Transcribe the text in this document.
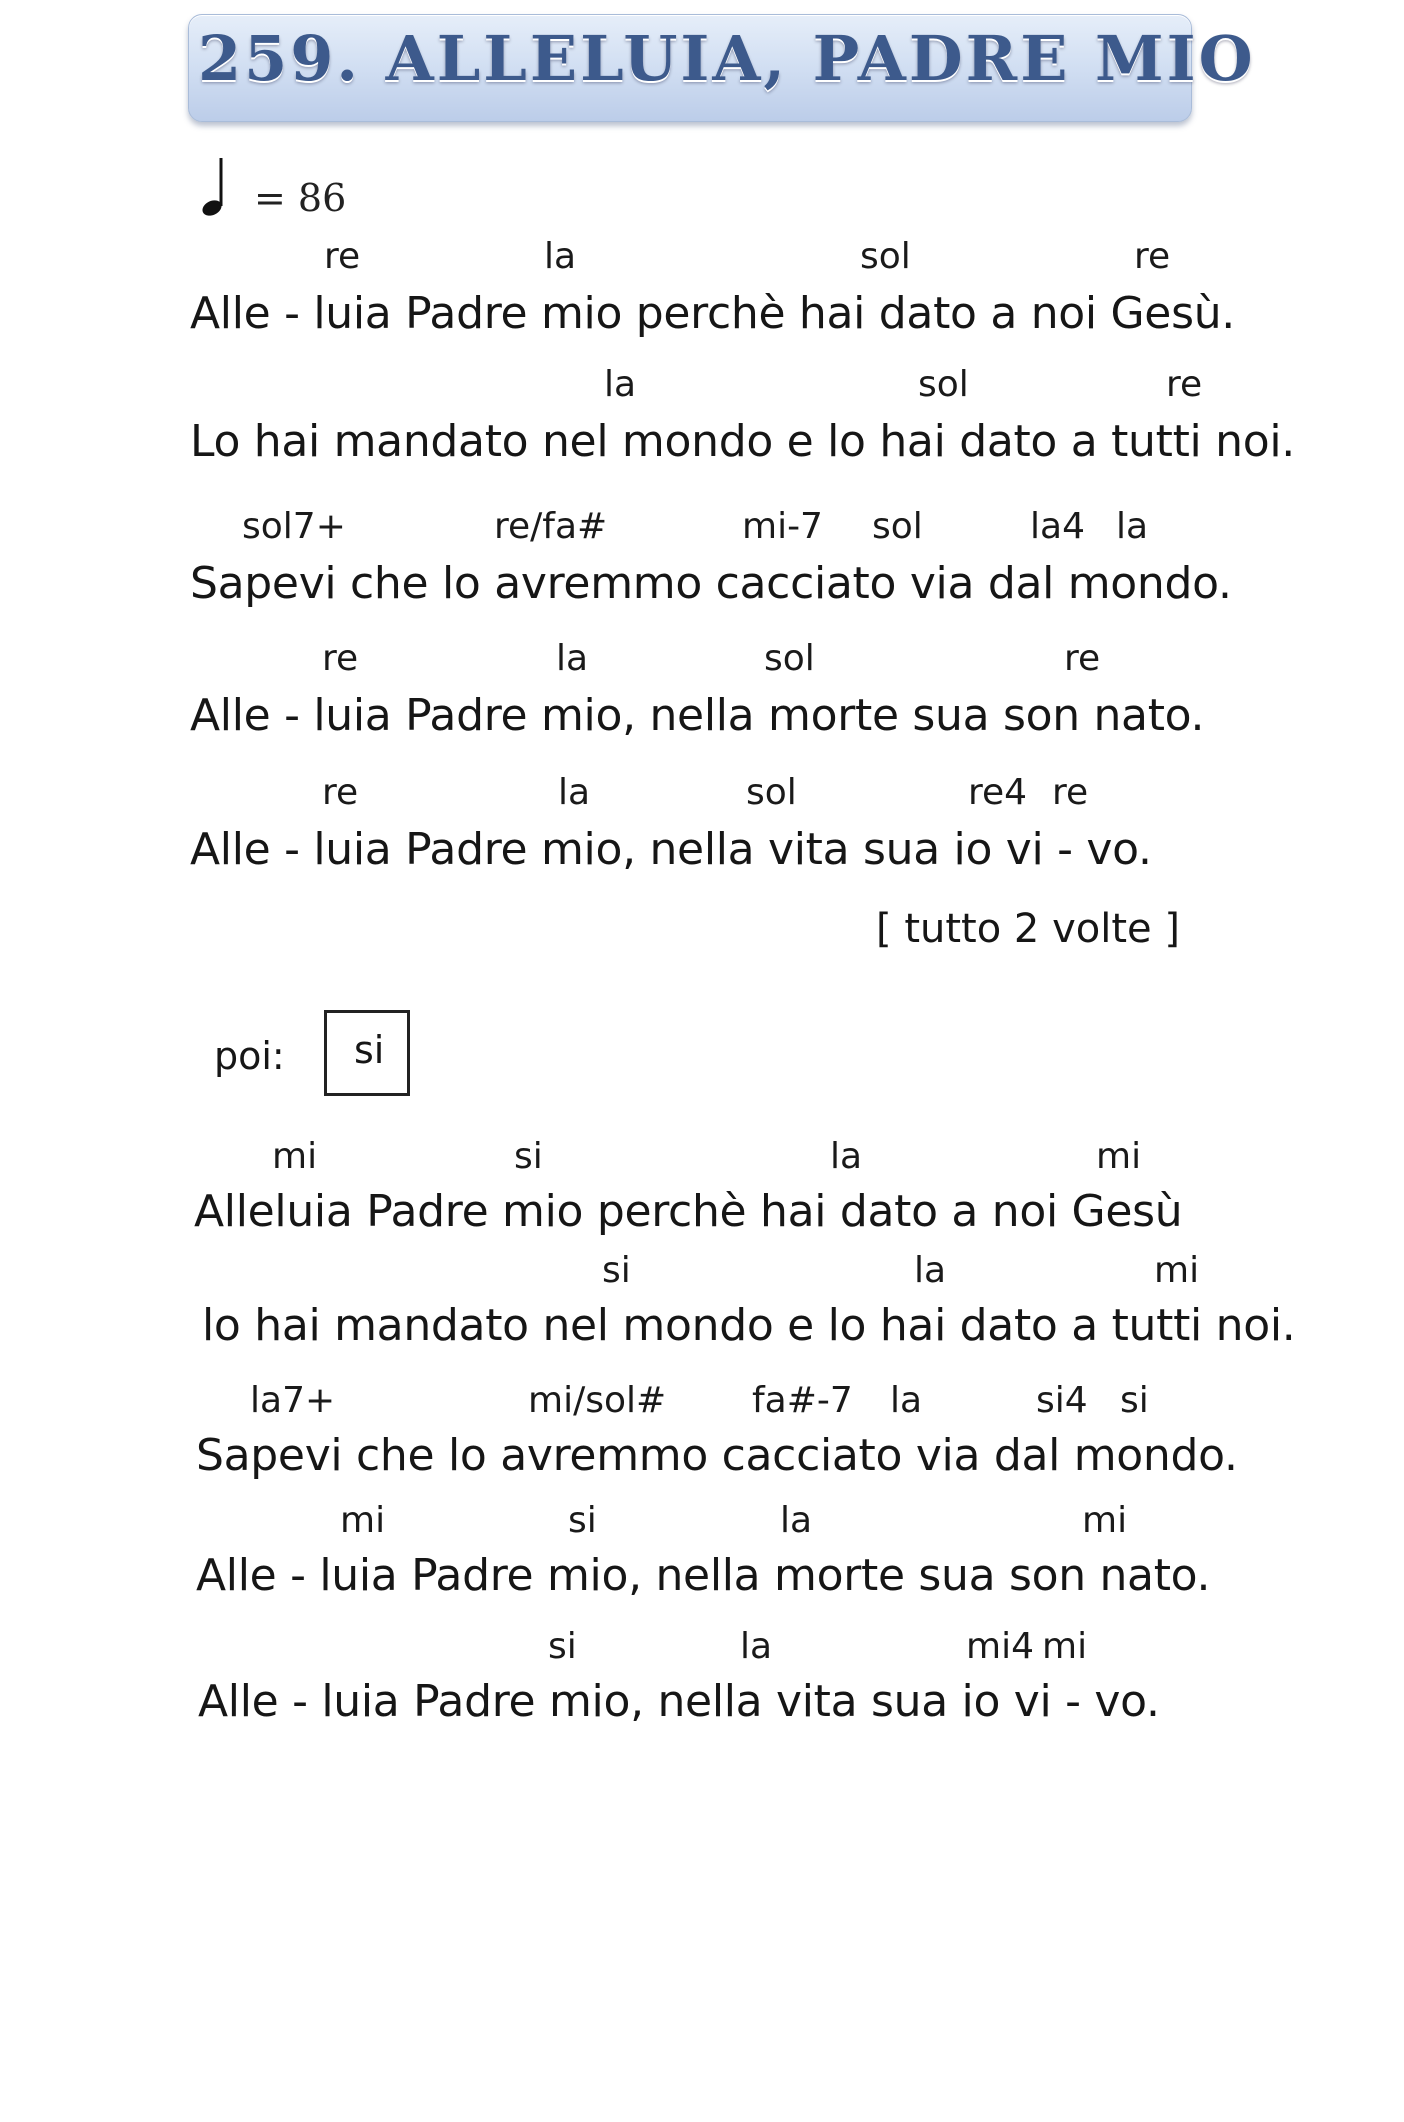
259. ALLELUIA, PADRE MIO
= 86
re	la	sol	re
Alle - luia Padre mio perchè hai dato a noi Gesù.
la	sol	re
Lo hai mandato nel mondo e lo hai dato a tutti noi.
sol7+	re/fa#	mi-7 sol	la4 la
Sapevi che lo avremmo cacciato via dal mondo.
re	la	sol	re
Alle - luia Padre mio, nella morte sua son nato.
re	la	sol	re4 re
Alle - luia Padre mio, nella vita sua io vi - vo.
[ tutto 2 volte ]
poi: si
mi	si	la	mi
Alleluia Padre mio perchè hai dato a noi Gesù
si	la	mi
lo hai mandato nel mondo e lo hai dato a tutti noi.
la7+	mi/sol# fa#-7 la	si4 si
Sapevi che lo avremmo cacciato via dal mondo.
mi	si	la	mi
Alle - luia Padre mio, nella morte sua son nato.
si	la	mi4 mi
Alle - luia Padre mio, nella vita sua io vi - vo.
